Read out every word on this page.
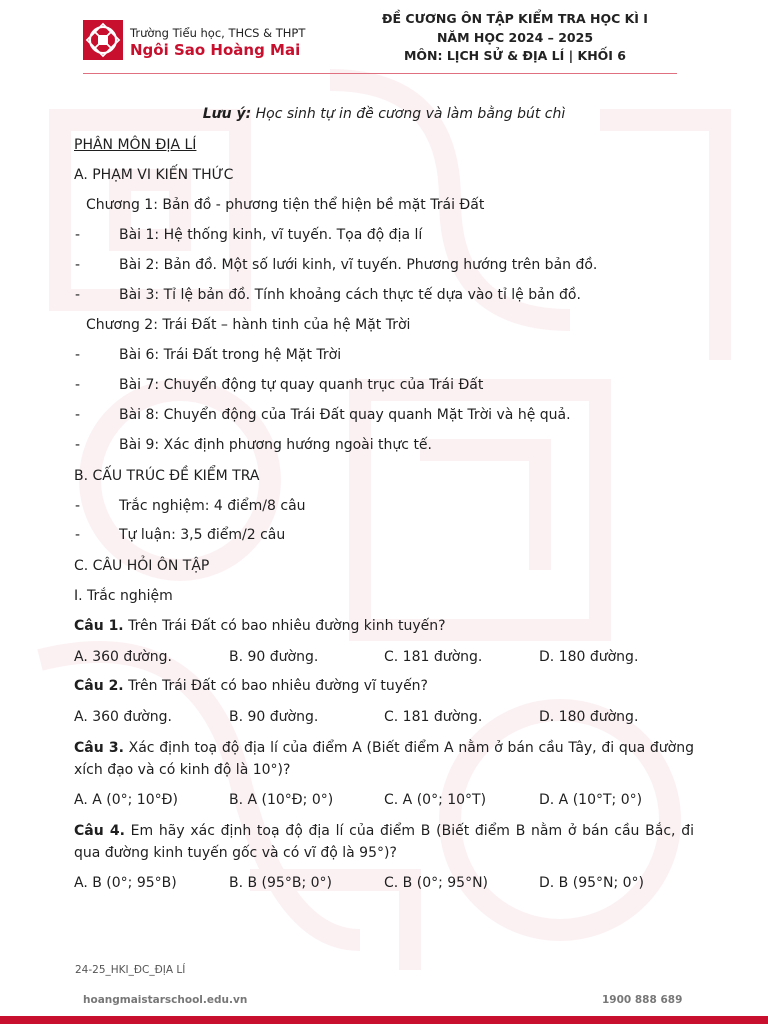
Trường Tiểu học, THCS & THPT
Ngôi Sao Hoàng Mai
ĐỀ CƯƠNG ÔN TẬP KIỂM TRA HỌC KÌ I
NĂM HỌC 2024 – 2025
MÔN: LỊCH SỬ & ĐỊA LÍ | KHỐI 6
Lưu ý: Học sinh tự in đề cương và làm bằng bút chì
PHÂN MÔN ĐỊA LÍ
A. PHẠM VI KIẾN THỨC
Chương 1: Bản đồ - phương tiện thể hiện bề mặt Trái Đất
-	Bài 1: Hệ thống kinh, vĩ tuyến. Tọa độ địa lí
-	Bài 2: Bản đồ. Một số lưới kinh, vĩ tuyến. Phương hướng trên bản đồ.
-	Bài 3: Tỉ lệ bản đồ. Tính khoảng cách thực tế dựa vào tỉ lệ bản đồ.
Chương 2: Trái Đất – hành tinh của hệ Mặt Trời
-	Bài 6: Trái Đất trong hệ Mặt Trời
-	Bài 7: Chuyển động tự quay quanh trục của Trái Đất
-	Bài 8: Chuyển động của Trái Đất quay quanh Mặt Trời và hệ quả.
-	Bài 9: Xác định phương hướng ngoài thực tế.
B. CẤU TRÚC ĐỀ KIỂM TRA
-	Trắc nghiệm: 4 điểm/8 câu
-	Tự luận: 3,5 điểm/2 câu
C. CÂU HỎI ÔN TẬP
I. Trắc nghiệm
Câu 1. Trên Trái Đất có bao nhiêu đường kinh tuyến?
A. 360 đường.	B. 90 đường.	C. 181 đường.	D. 180 đường.
Câu 2. Trên Trái Đất có bao nhiêu đường vĩ tuyến?
A. 360 đường.	B. 90 đường.	C. 181 đường.	D. 180 đường.
Câu 3. Xác định toạ độ địa lí của điểm A (Biết điểm A nằm ở bán cầu Tây, đi qua đường xích đạo và có kinh độ là 10°)?
A. A (0°; 10°Đ)	B. A (10°Đ; 0°)	C. A (0°; 10°T)	D. A (10°T; 0°)
Câu 4. Em hãy xác định toạ độ địa lí của điểm B (Biết điểm B nằm ở bán cầu Bắc, đi qua đường kinh tuyến gốc và có vĩ độ là 95°)?
A. B (0°; 95°B)	B. B (95°B; 0°)	C. B (0°; 95°N)	D. B (95°N; 0°)
24-25_HKI_ĐC_ĐỊA LÍ
hoangmaistarschool.edu.vn	1900 888 689
